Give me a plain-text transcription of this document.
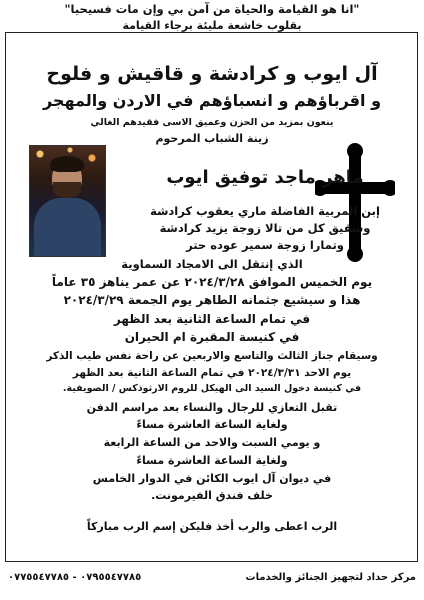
"انا هو القيامة والحياة من آمن بي وإن مات فسيحيا"
بقلوب خاشعة مليئة برجاء القيامة
آل ايوب و كرادشة و قاقيش و فلوح
و اقرباؤهم و انسباؤهم في الاردن والمهجر
ينعون بمزيد من الحزن وعميق الاسى فقيدهم الغالي
زينة الشباب المرحوم
ماهر ماجد توفيق ايوب
إبن المربية الفاضلة ماري يعقوب كرادشة
وشقيق كل من تالا زوجة يزيد كرادشة
وتمارا زوجة سمير عوده حتر
الذي إنتقل الى الامجاد السماوية
يوم الخميس الموافق ٢٠٢٤/٣/٢٨ عن عمر يناهز ٣٥ عاماً
هذا و سيشيع جثمانه الطاهر يوم الجمعة ٢٠٢٤/٣/٢٩
في تمام الساعة الثانية بعد الظهر
في كنيسة المقبرة ام الحيران
وسيقام جناز الثالث والتاسع والاربعين عن راحة نفس طيب الذكر
يوم الاحد ٢٠٢٤/٣/٣١ في تمام الساعة الثانية بعد الظهر
في كنيسة دخول السيد الى الهيكل للروم الارثوذكس / الصويفية.
تقبل التعازي للرجال والنساء بعد مراسم الدفن
ولغاية الساعة العاشرة مساءً
و يومي السبت والاحد من الساعة الرابعة
ولغاية الساعة العاشرة مساءً
في ديوان آل ايوب الكائن في الدوار الخامس
خلف فندق الفيرمونت.
الرب اعطى والرب أخذ فليكن إسم الرب مباركاً
مركز حداد لتجهيز الجنائز والخدمات
٠٧٩٥٥٤٧٧٨٥ - ٠٧٧٥٥٤٧٧٨٥
